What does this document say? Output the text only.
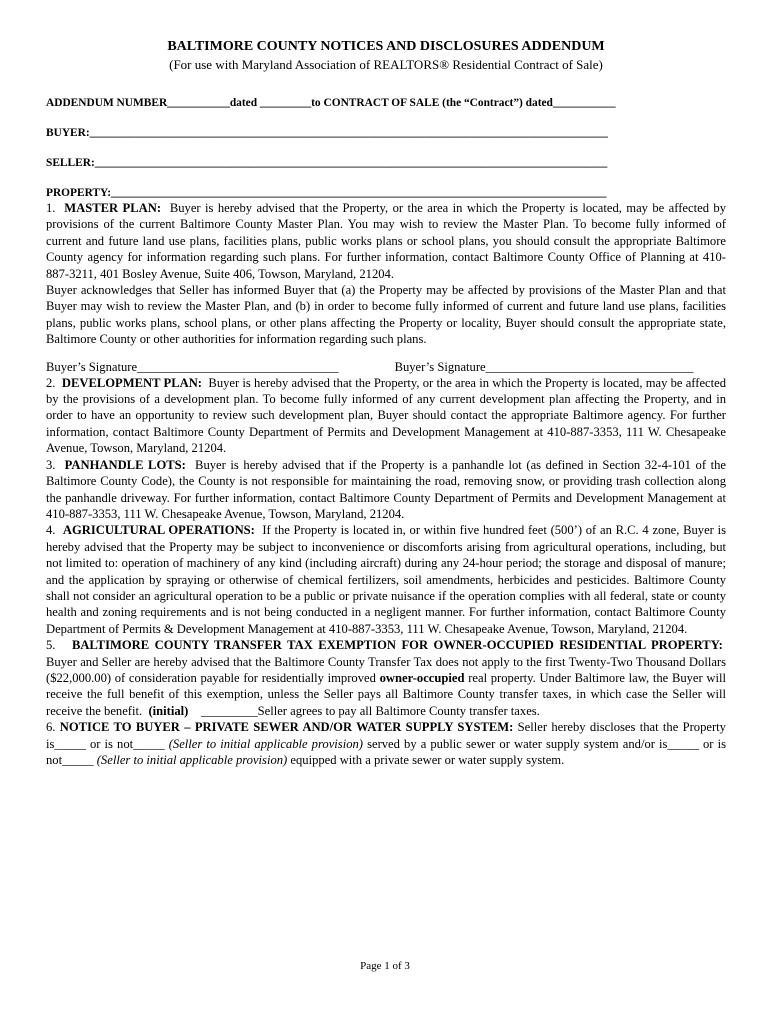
BALTIMORE COUNTY NOTICES AND DISCLOSURES ADDENDUM

(For use with Maryland Association of REALTORS® Residential Contract of Sale)

ADDENDUM NUMBER___________dated _________to CONTRACT OF SALE (the “Contract”) dated___________

BUYER:___________________________________________________________________________________________

SELLER:__________________________________________________________________________________________

PROPERTY:_______________________________________________________________________________________

1. MASTER PLAN: Buyer is hereby advised that the Property, or the area in which the Property is located, may be affected by provisions of the current Baltimore County Master Plan. You may wish to review the Master Plan. To become fully informed of current and future land use plans, facilities plans, public works plans or school plans, you should consult the appropriate Baltimore County agency for information regarding such plans. For further information, contact Baltimore County Office of Planning at 410-887-3211, 401 Bosley Avenue, Suite 406, Towson, Maryland, 21204.

Buyer acknowledges that Seller has informed Buyer that (a) the Property may be affected by provisions of the Master Plan and that Buyer may wish to review the Master Plan, and (b) in order to become fully informed of current and future land use plans, facilities plans, public works plans, school plans, or other plans affecting the Property or locality, Buyer should consult the appropriate state, Baltimore County or other authorities for information regarding such plans.

Buyer’s Signature________________________________	Buyer’s Signature_________________________________

2. DEVELOPMENT PLAN: Buyer is hereby advised that the Property, or the area in which the Property is located, may be affected by the provisions of a development plan. To become fully informed of any current development plan affecting the Property, and in order to have an opportunity to review such development plan, Buyer should contact the appropriate Baltimore agency. For further information, contact Baltimore County Department of Permits and Development Management at 410-887-3353, 111 W. Chesapeake Avenue, Towson, Maryland, 21204.

3. PANHANDLE LOTS: Buyer is hereby advised that if the Property is a panhandle lot (as defined in Section 32-4-101 of the Baltimore County Code), the County is not responsible for maintaining the road, removing snow, or providing trash collection along the panhandle driveway. For further information, contact Baltimore County Department of Permits and Development Management at 410-887-3353, 111 W. Chesapeake Avenue, Towson, Maryland, 21204.

4. AGRICULTURAL OPERATIONS: If the Property is located in, or within five hundred feet (500’) of an R.C. 4 zone, Buyer is hereby advised that the Property may be subject to inconvenience or discomforts arising from agricultural operations, including, but not limited to: operation of machinery of any kind (including aircraft) during any 24-hour period; the storage and disposal of manure; and the application by spraying or otherwise of chemical fertilizers, soil amendments, herbicides and pesticides. Baltimore County shall not consider an agricultural operation to be a public or private nuisance if the operation complies with all federal, state or county health and zoning requirements and is not being conducted in a negligent manner. For further information, contact Baltimore County Department of Permits & Development Management at 410-887-3353, 111 W. Chesapeake Avenue, Towson, Maryland, 21204.

5. BALTIMORE COUNTY TRANSFER TAX EXEMPTION FOR OWNER-OCCUPIED RESIDENTIAL PROPERTY:  Buyer and Seller are hereby advised that the Baltimore County Transfer Tax does not apply to the first Twenty-Two Thousand Dollars ($22,000.00) of consideration payable for residentially improved owner-occupied real property. Under Baltimore law, the Buyer will receive the full benefit of this exemption, unless the Seller pays all Baltimore County transfer taxes, in which case the Seller will receive the benefit. (initial) _________Seller agrees to pay all Baltimore County transfer taxes.

6. NOTICE TO BUYER – PRIVATE SEWER AND/OR WATER SUPPLY SYSTEM: Seller hereby discloses that the Property is_____ or is not_____ (Seller to initial applicable provision) served by a public sewer or water supply system and/or is_____ or is not_____ (Seller to initial applicable provision) equipped with a private sewer or water supply system.

Page 1 of 3
